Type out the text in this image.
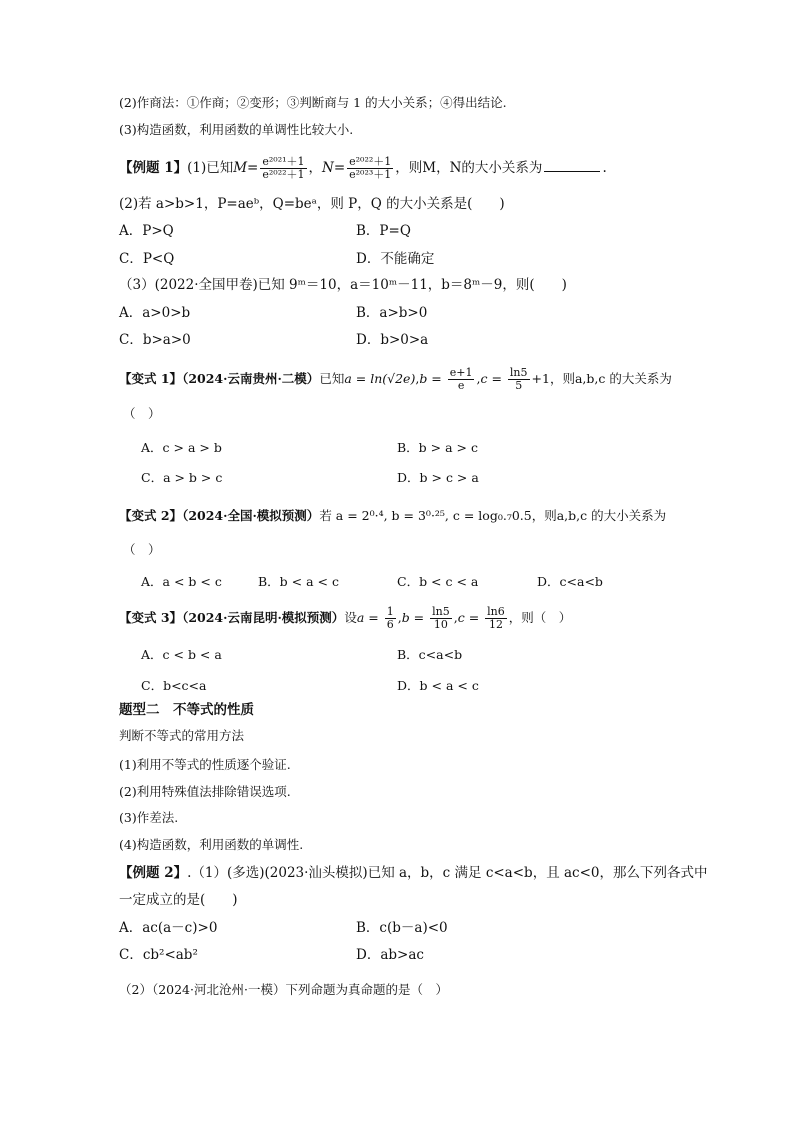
(2)作商法：①作商；②变形；③判断商与 1 的大小关系；④得出结论.
(3)构造函数，利用函数的单调性比较大小.
【例题 1】(1)已知$M= \frac{\text{e²⁰²¹＋1}}{\text{e²⁰²²＋1}}$ ，$N= \frac{\text{e²⁰²²＋1}}{\text{e²⁰²³＋1}}$ ，则M，N的大小关系为	.
(2)若 a>b>1，P=aeᵇ，Q=beᵃ，则 P，Q 的大小关系是(　　)
A．P>Q	B．P=Q
C．P<Q	D．不能确定
（3）(2022·全国甲卷)已知 9ᵐ＝10，a＝10ᵐ－11，b＝8ᵐ－9，则(　　)
A．a>0>b	B．a>b>0
C．b>a>0	D．b>0>a
【变式 1】（2024·云南贵州·二模）已知$a = \ln(√2e),b = \frac{e+1}{e} ,c = \frac{\ln 5}{5} +1$，则a,b,c 的大关系为
（　）
A．c > a > b	B．b > a > c
C．a > b > c	D．b > c > a
【变式 2】（2024·全国·模拟预测）若 a = 2⁰·⁴, b = 3⁰·²⁵, c = log₀.₇0.5，则a,b,c 的大小关系为
（　）
A．a < b < c	B．b < a < c	C．b < c < a	D．c<a<b
【变式 3】（2024·云南昆明·模拟预测）设$a = \frac{1}{6} ,b = \frac{\ln 5}{10} ,c = \frac{\ln 6}{12}$ ，则（　）
A．c < b < a	B．c<a<b
C．b<c<a	D．b < a < c
题型二　不等式的性质
判断不等式的常用方法
(1)利用不等式的性质逐个验证.
(2)利用特殊值法排除错误选项.
(3)作差法.
(4)构造函数，利用函数的单调性.
【例题 2】.（1）(多选)(2023·汕头模拟)已知 a，b，c 满足 c<a<b，且 ac<0，那么下列各式中
一定成立的是(　　)
A．ac(a－c)>0	B．c(b－a)<0
C．cb²<ab²	D．ab>ac
（2）（2024·河北沧州·一模）下列命题为真命题的是（　）
